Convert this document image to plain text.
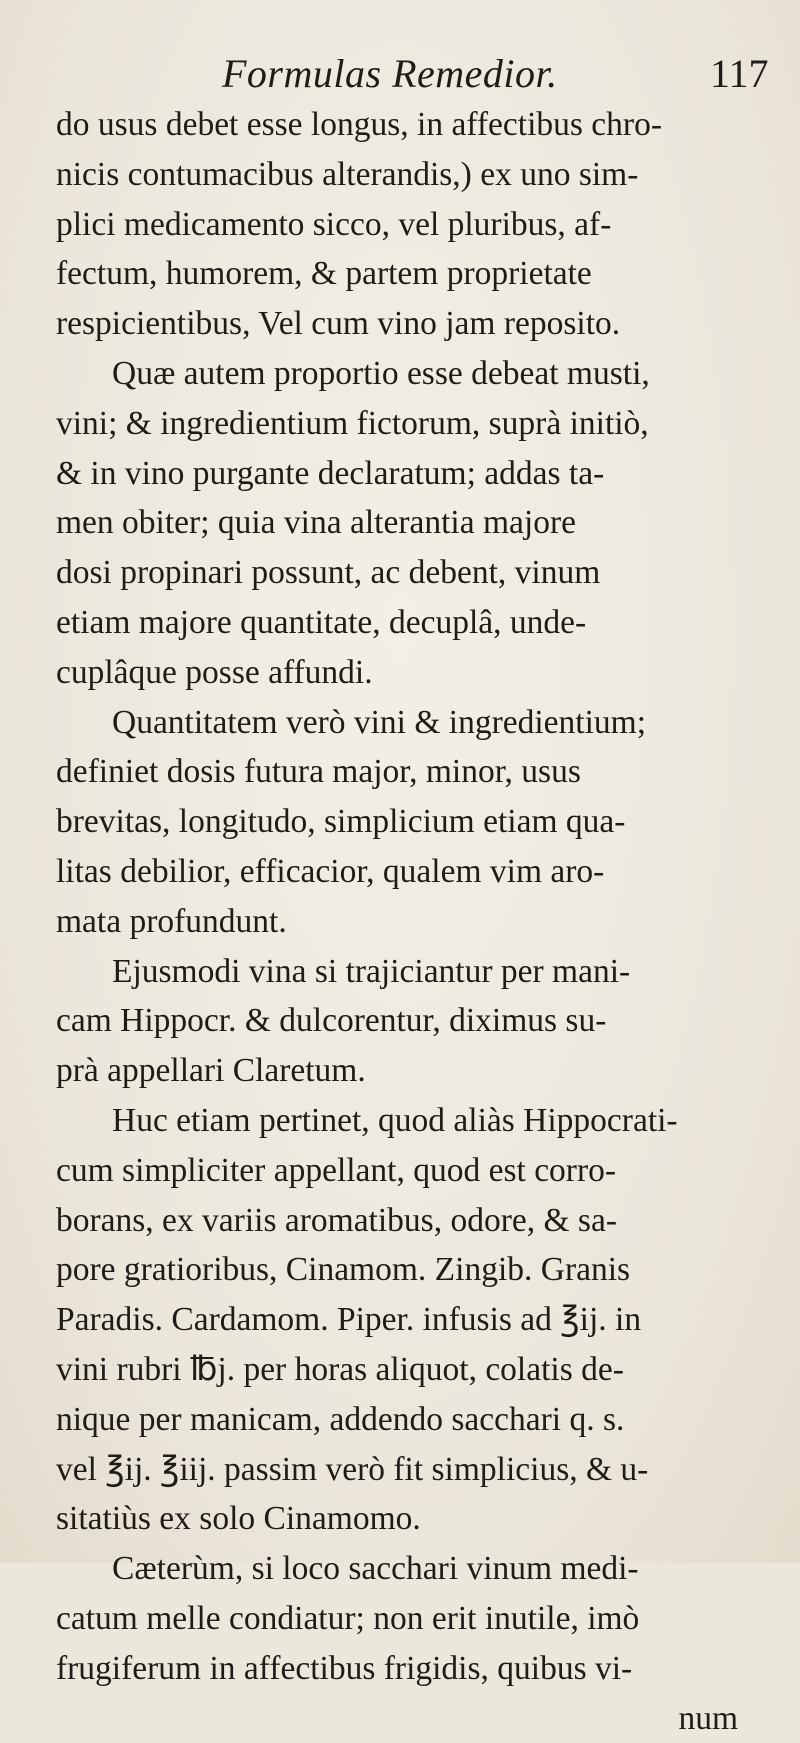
Formulas Remedior.	117
do usus debet esse longus, in affectibus chro-
nicis contumacibus alterandis,) ex uno sim-
plici medicamento sicco, vel pluribus, af-
fectum, humorem, & partem proprietate
respicientibus, Vel cum vino jam reposito.
Quæ autem proportio esse debeat musti,
vini; & ingredientium fictorum, suprà initiò,
& in vino purgante declaratum; addas ta-
men obiter; quia vina alterantia majore
dosi propinari possunt, ac debent, vinum
etiam majore quantitate, decuplâ, unde-
cuplâque posse affundi.
Quantitatem verò vini & ingredientium;
definiet dosis futura major, minor, usus
brevitas, longitudo, simplicium etiam qua-
litas debilior, efficacior, qualem vim aro-
mata profundunt.
Ejusmodi vina si trajiciantur per mani-
cam Hippocr. & dulcorentur, diximus su-
prà appellari Claretum.
Huc etiam pertinet, quod aliàs Hippocrati-
cum simpliciter appellant, quod est corro-
borans, ex variis aromatibus, odore, & sa-
pore gratioribus, Cinamom. Zingib. Granis
Paradis. Cardamom. Piper. infusis ad ℥ij. in
vini rubri ℔j. per horas aliquot, colatis de-
nique per manicam, addendo sacchari q. s.
vel ℥ij. ℥iij. passim verò fit simplicius, & u-
sitatiùs ex solo Cinamomo.
Cæterùm, si loco sacchari vinum medi-
catum melle condiatur; non erit inutile, imò
frugiferum in affectibus frigidis, quibus vi-
num
